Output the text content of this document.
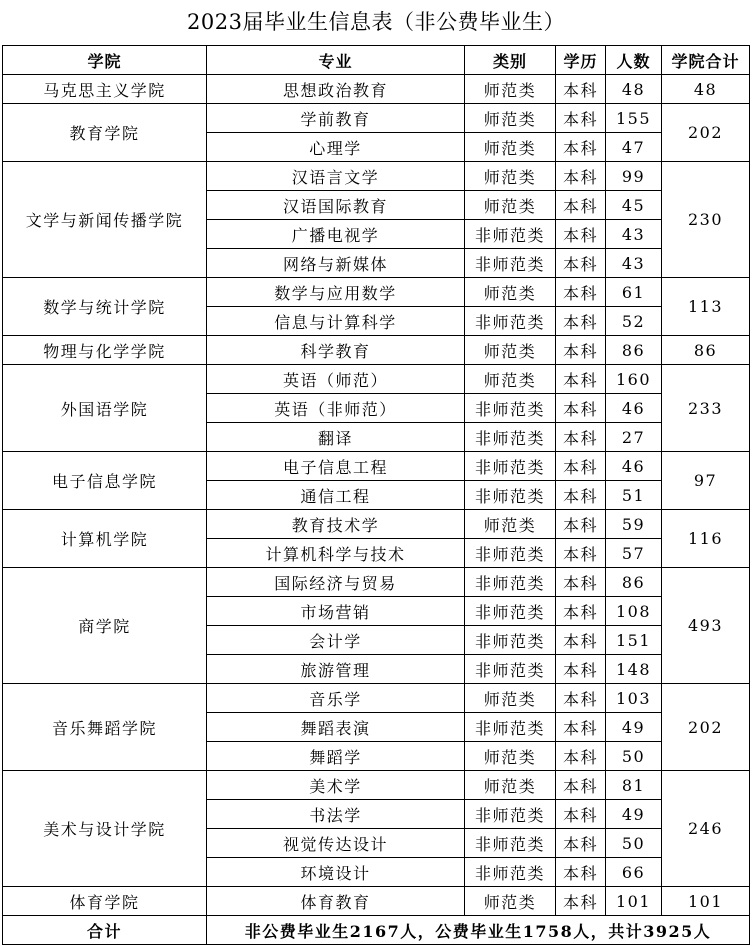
2023届毕业生信息表（非公费毕业生）
学院	专业	类别	学历	人数	学院合计
马克思主义学院	思想政治教育	师范类	本科	48	48
教育学院	学前教育	师范类	本科	155	202
	心理学	师范类	本科	47	
文学与新闻传播学院	汉语言文学	师范类	本科	99	230
	汉语国际教育	师范类	本科	45	
	广播电视学	非师范类	本科	43	
	网络与新媒体	非师范类	本科	43	
数学与统计学院	数学与应用数学	师范类	本科	61	113
	信息与计算科学	非师范类	本科	52	
物理与化学学院	科学教育	师范类	本科	86	86
外国语学院	英语（师范）	师范类	本科	160	233
	英语（非师范）	非师范类	本科	46	
	翻译	非师范类	本科	27	
电子信息学院	电子信息工程	非师范类	本科	46	97
	通信工程	非师范类	本科	51	
计算机学院	教育技术学	师范类	本科	59	116
	计算机科学与技术	非师范类	本科	57	
商学院	国际经济与贸易	非师范类	本科	86	493
	市场营销	非师范类	本科	108	
	会计学	非师范类	本科	151	
	旅游管理	非师范类	本科	148	
音乐舞蹈学院	音乐学	师范类	本科	103	202
	舞蹈表演	非师范类	本科	49	
	舞蹈学	师范类	本科	50	
美术与设计学院	美术学	师范类	本科	81	246
	书法学	非师范类	本科	49	
	视觉传达设计	非师范类	本科	50	
	环境设计	非师范类	本科	66	
体育学院	体育教育	师范类	本科	101	101
合计	非公费毕业生2167人，公费毕业生1758人，共计3925人				
